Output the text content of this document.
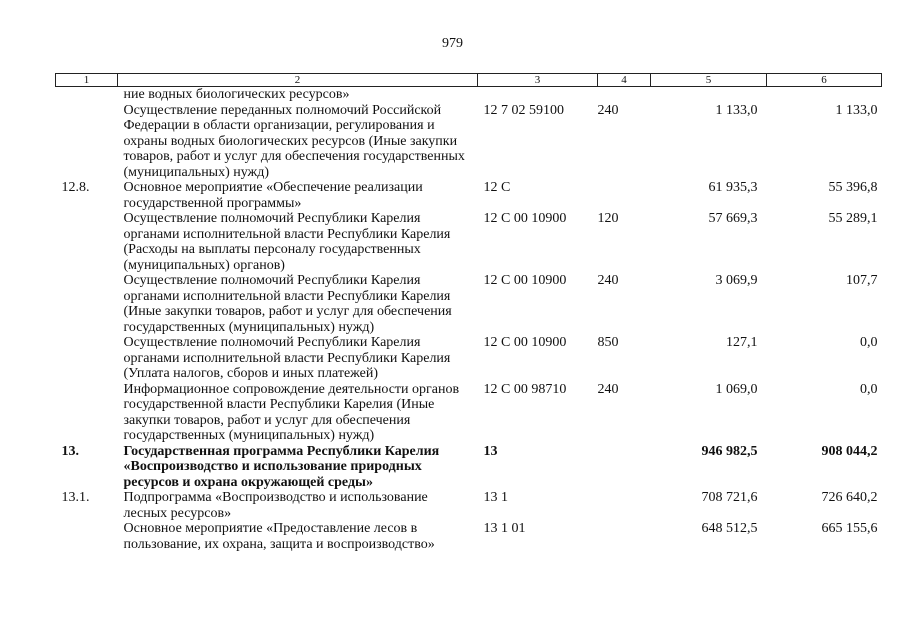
979
1	2	3	4	5	6
	ние водных биологических ресурсов»				
	Осуществление переданных полномочий Российской Федерации в области организации, регулирования и охраны водных биологических ресурсов (Иные закупки товаров, работ и услуг для обеспечения государственных (муниципальных) нужд)	12 7 02 59100	240	1 133,0	1 133,0
12.8.	Основное мероприятие «Обеспечение реализации государственной программы»	12 С		61 935,3	55 396,8
	Осуществление полномочий Республики Карелия органами исполнительной власти Республики Карелия (Расходы на выплаты персоналу государственных (муниципальных) органов)	12 С 00 10900	120	57 669,3	55 289,1
	Осуществление полномочий Республики Карелия органами исполнительной власти Республики Карелия (Иные закупки товаров, работ и услуг для обеспечения государственных (муниципальных) нужд)	12 С 00 10900	240	3 069,9	107,7
	Осуществление полномочий Республики Карелия органами исполнительной власти Республики Карелия (Уплата налогов, сборов и иных платежей)	12 С 00 10900	850	127,1	0,0
	Информационное сопровождение деятельности органов государственной власти Республики Карелия (Иные закупки товаров, работ и услуг для обеспечения государственных (муниципальных) нужд)	12 С 00 98710	240	1 069,0	0,0
13.	Государственная программа Республики Карелия «Воспроизводство и использование природных ресурсов и охрана окружающей среды»	13		946 982,5	908 044,2
13.1.	Подпрограмма «Воспроизводство и использование лесных ресурсов»	13 1		708 721,6	726 640,2
	Основное мероприятие «Предоставление лесов в пользование, их охрана, защита и воспроизводство»	13 1 01		648 512,5	665 155,6
